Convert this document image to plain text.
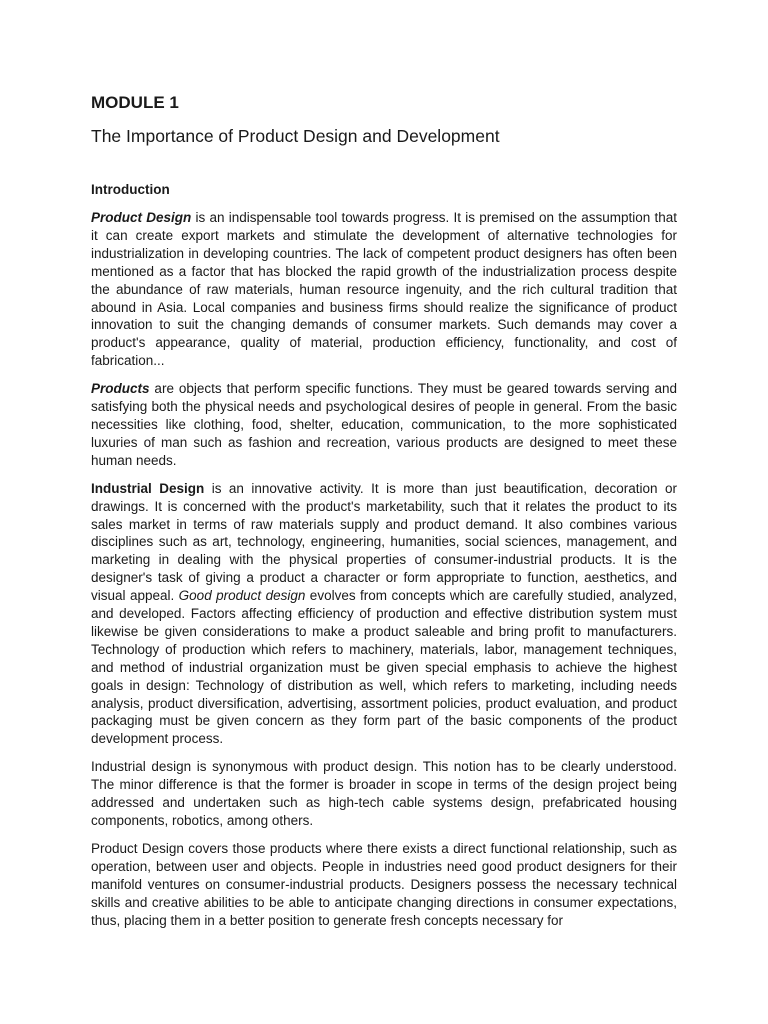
MODULE 1
The Importance of Product Design and Development
Introduction

Product Design is an indispensable tool towards progress. It is premised on the assumption that it can create export markets and stimulate the development of alternative technologies for industrialization in developing countries. The lack of competent product designers has often been mentioned as a factor that has blocked the rapid growth of the industrialization process despite the abundance of raw materials, human resource ingenuity, and the rich cultural tradition that abound in Asia. Local companies and business firms should realize the significance of product innovation to suit the changing demands of consumer markets. Such demands may cover a product's appearance, quality of material, production efficiency, functionality, and cost of fabrication...

Products are objects that perform specific functions. They must be geared towards serving and satisfying both the physical needs and psychological desires of people in general. From the basic necessities like clothing, food, shelter, education, communication, to the more sophisticated luxuries of man such as fashion and recreation, various products are designed to meet these human needs.

Industrial Design is an innovative activity. It is more than just beautification, decoration or drawings. It is concerned with the product's marketability, such that it relates the product to its sales market in terms of raw materials supply and product demand. It also combines various disciplines such as art, technology, engineering, humanities, social sciences, management, and marketing in dealing with the physical properties of consumer-industrial products. It is the designer's task of giving a product a character or form appropriate to function, aesthetics, and visual appeal. Good product design evolves from concepts which are carefully studied, analyzed, and developed. Factors affecting efficiency of production and effective distribution system must likewise be given considerations to make a product saleable and bring profit to manufacturers. Technology of production which refers to machinery, materials, labor, management techniques, and method of industrial organization must be given special emphasis to achieve the highest goals in design: Technology of distribution as well, which refers to marketing, including needs analysis, product diversification, advertising, assortment policies, product evaluation, and product packaging must be given concern as they form part of the basic components of the product development process.

Industrial design is synonymous with product design. This notion has to be clearly understood. The minor difference is that the former is broader in scope in terms of the design project being addressed and undertaken such as high-tech cable systems design, prefabricated housing components, robotics, among others.

Product Design covers those products where there exists a direct functional relationship, such as operation, between user and objects. People in industries need good product designers for their manifold ventures on consumer-industrial products. Designers possess the necessary technical skills and creative abilities to be able to anticipate changing directions in consumer expectations, thus, placing them in a better position to generate fresh concepts necessary for
